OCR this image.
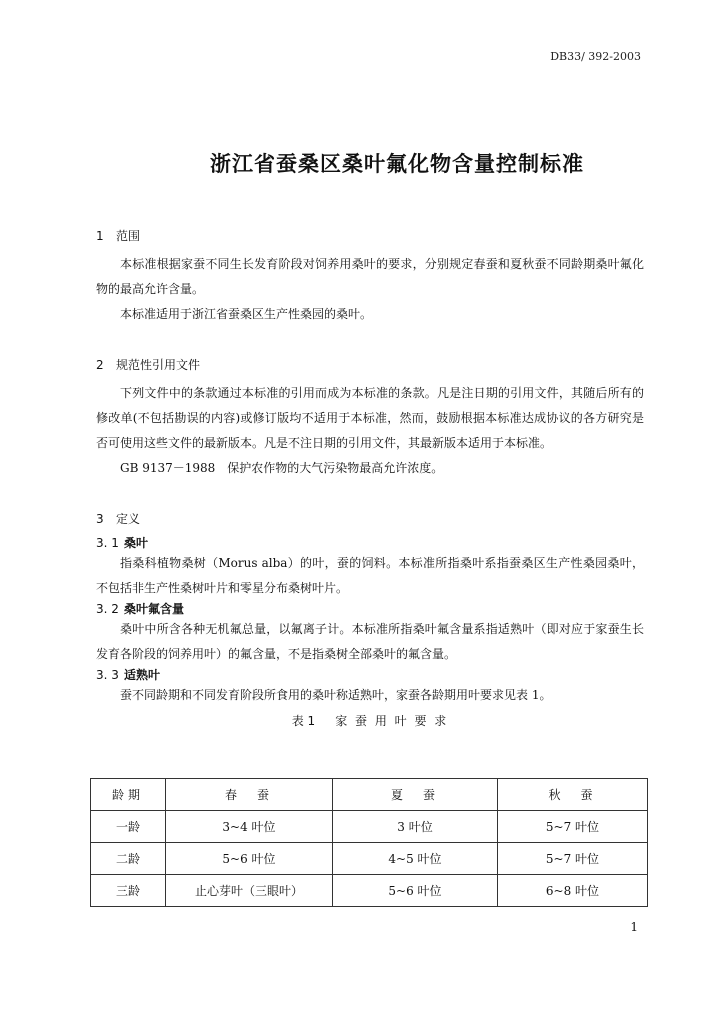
DB33/ 392-2003
浙江省蚕桑区桑叶氟化物含量控制标准
1 范围

本标准根据家蚕不同生长发育阶段对饲养用桑叶的要求，分别规定春蚕和夏秋蚕不同龄期桑叶氟化物的最高允许含量。

本标准适用于浙江省蚕桑区生产性桑园的桑叶。

2 规范性引用文件

下列文件中的条款通过本标准的引用而成为本标准的条款。凡是注日期的引用文件，其随后所有的修改单(不包括勘误的内容)或修订版均不适用于本标准，然而，鼓励根据本标准达成协议的各方研究是否可使用这些文件的最新版本。凡是不注日期的引用文件，其最新版本适用于本标准。

GB 9137－1988　保护农作物的大气污染物最高允许浓度。

3 定义
3. 1 桑叶

指桑科植物桑树（Morus alba）的叶，蚕的饲料。本标准所指桑叶系指蚕桑区生产性桑园桑叶，不包括非生产性桑树叶片和零星分布桑树叶片。

3. 2 桑叶氟含量

桑叶中所含各种无机氟总量，以氟离子计。本标准所指桑叶氟含量系指适熟叶（即对应于家蚕生长发育各阶段的饲养用叶）的氟含量，不是指桑树全部桑叶的氟含量。

3. 3 适熟叶

蚕不同龄期和不同发育阶段所食用的桑叶称适熟叶，家蚕各龄期用叶要求见表 1。

表 1 家 蚕 用 叶 要 求
龄期	春　蚕	夏　蚕	秋　蚕
一龄	3~4 叶位	3 叶位	5~7 叶位
二龄	5~6 叶位	4~5 叶位	5~7 叶位
三龄	止心芽叶（三眼叶）	5~6 叶位	6~8 叶位
1
